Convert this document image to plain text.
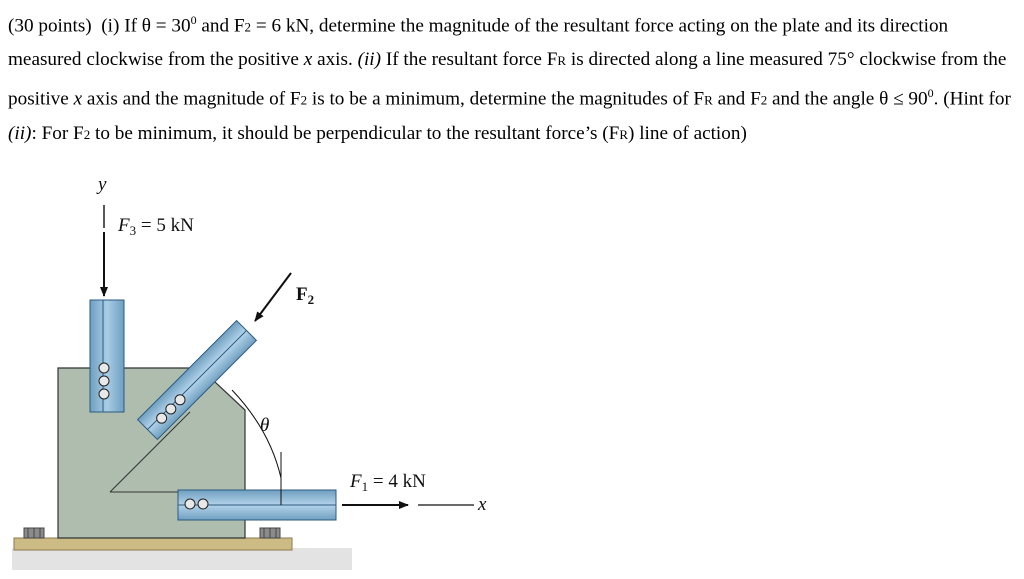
(30 points) (i) If $\theta = 30^0$ and F2 = 6 kN, determine the magnitude of the resultant force acting on the plate and its direction measured clockwise from the positive x axis. (ii) If the resultant force FR is directed along a line measured 75° clockwise from the positive x axis and the magnitude of F2 is to be a minimum, determine the magnitudes of FR and F2 and the angle $\theta \le 90^0$. (Hint for (ii): For F2 to be minimum, it should be perpendicular to the resultant force’s (FR) line of action)

y
$F_3 = 5$ kN
$F_2$
θ
$F_1 = 4$ kN
x
